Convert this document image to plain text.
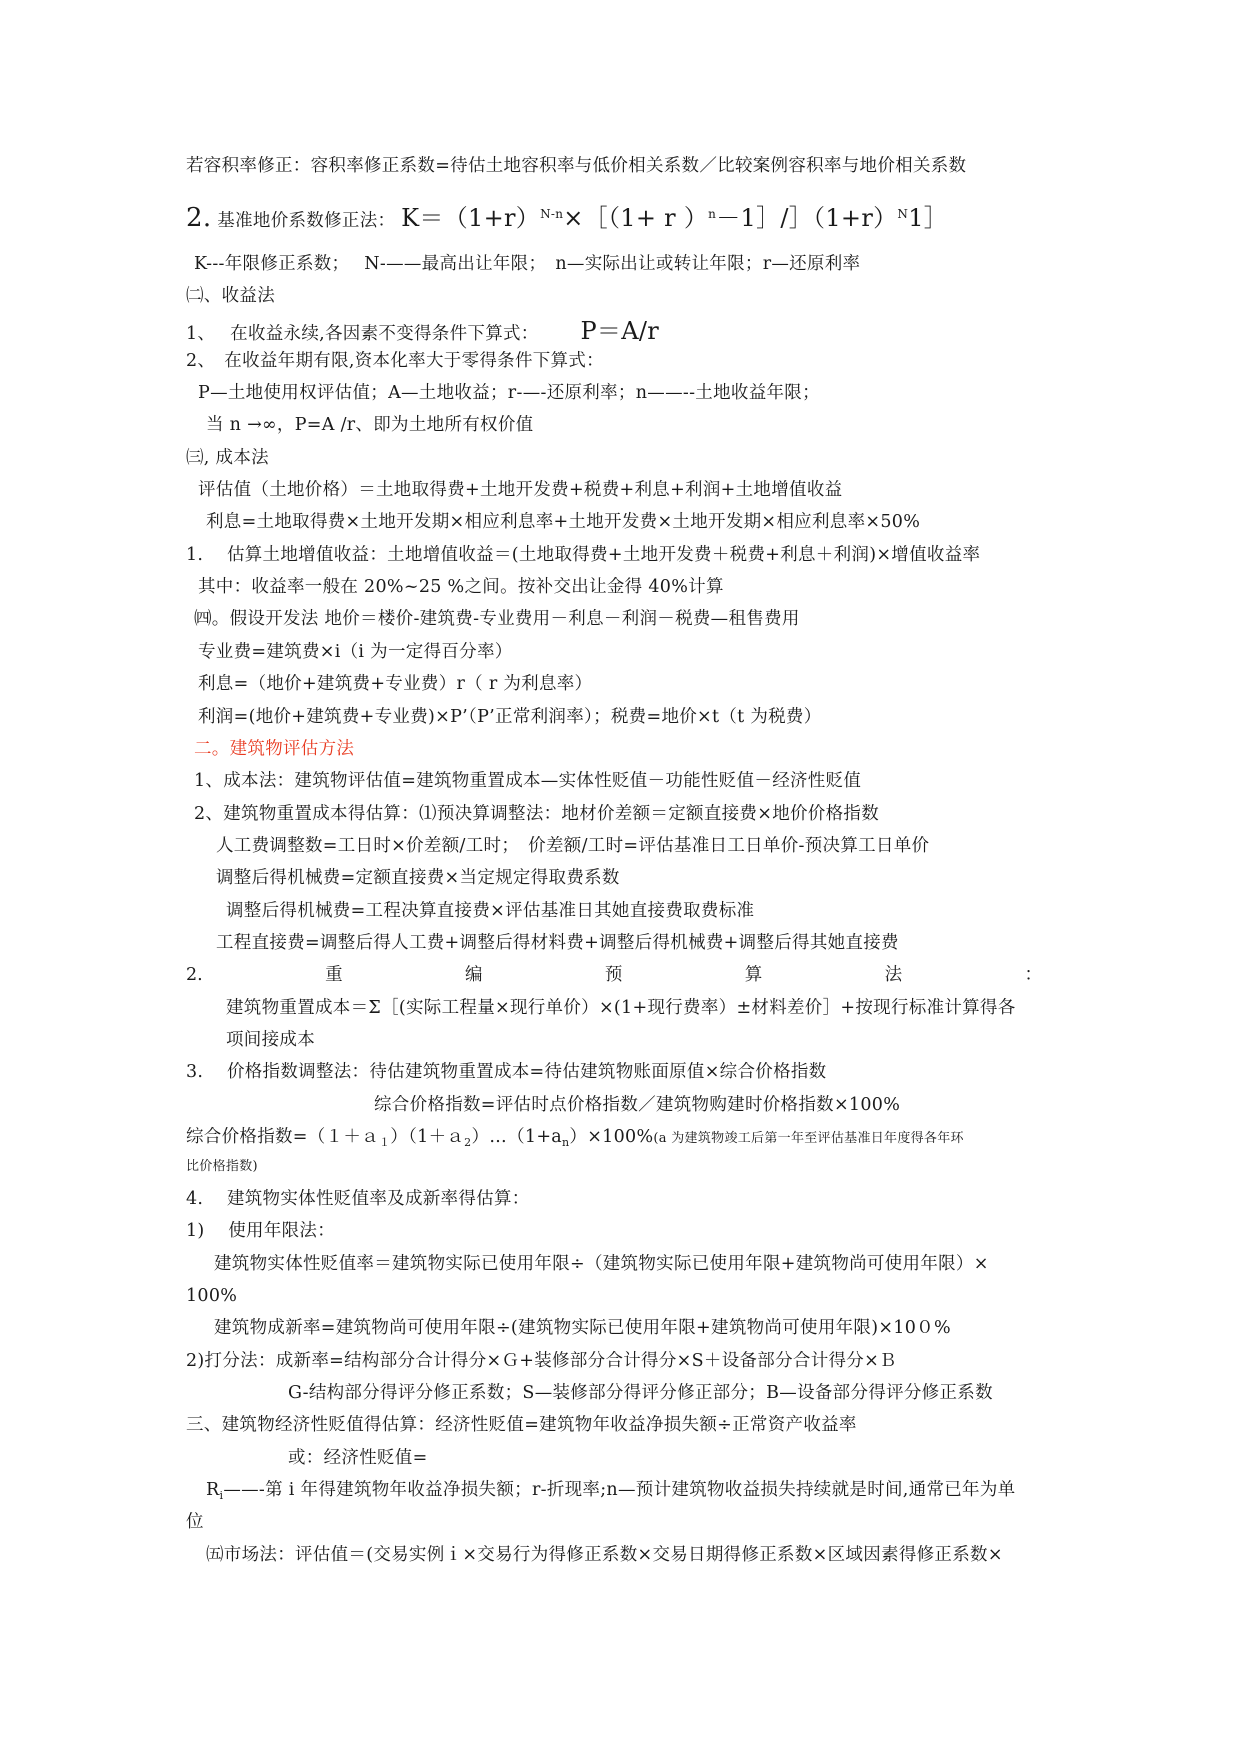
若容积率修正：容积率修正系数=待估土地容积率与低价相关系数／比较案例容积率与地价相关系数
2. 基准地价系数修正法： $K=(1+r)^{N-n}\times[(1+ r$ ）$^n-1]/](1+r)^N1]$
K---年限修正系数；　 N-——最高出让年限；　n—实际出让或转让年限；r—还原利率
㈡、收益法
1、　 在收益永续,各因素不变得条件下算式： P＝A/r
2、　在收益年期有限,资本化率大于零得条件下算式：
P—土地使用权评估值；A—土地收益；r-—-还原利率；n——--土地收益年限；
当 n →∞，P=A /r、即为土地所有权价值
㈢, 成本法
评估值（土地价格）＝土地取得费+土地开发费+税费+利息+利润+土地增值收益
利息=土地取得费×土地开发期×相应利息率+土地开发费×土地开发期×相应利息率×50%
1.　 估算土地增值收益：土地增值收益＝(土地取得费+土地开发费＋税费+利息＋利润)×增值收益率
其中：收益率一般在 20%~25 %之间。按补交出让金得 40%计算
㈣。假设开发法 地价＝楼价-建筑费-专业费用－利息－利润－税费—租售费用
专业费=建筑费×i（i 为一定得百分率）
利息=（地价+建筑费+专业费）r（ r 为利息率）
利润=(地价+建筑费+专业费)×P’（P’正常利润率）；税费=地价×t（t 为税费）
二。建筑物评估方法
1、成本法：建筑物评估值=建筑物重置成本—实体性贬值－功能性贬值－经济性贬值
2、建筑物重置成本得估算：⑴预决算调整法：地材价差额＝定额直接费×地价价格指数
人工费调整数=工日时×价差额/工时；　价差额/工时=评估基准日工日单价-预决算工日单价
调整后得机械费=定额直接费×当定规定得取费系数
调整后得机械费=工程决算直接费×评估基准日其她直接费取费标准
工程直接费=调整后得人工费+调整后得材料费+调整后得机械费+调整后得其她直接费
2.	重	编	预	算	法	：
建筑物重置成本＝Σ［(实际工程量×现行单价）×(1+现行费率）±材料差价］+按现行标准计算得各
项间接成本
3.　 价格指数调整法：待估建筑物重置成本=待估建筑物账面原值×综合价格指数
综合价格指数=评估时点价格指数／建筑物购建时价格指数×100%
综合价格指数$=(1+a_1)(1+a_2)\dots(1+a_n)\times 100\%(a$ 为建筑物竣工后第一年至评估基准日年度得各年环
比价格指数)
4.　 建筑物实体性贬值率及成新率得估算：
1)　 使用年限法：
建筑物实体性贬值率＝建筑物实际已使用年限÷（建筑物实际已使用年限+建筑物尚可使用年限）×
100%
建筑物成新率=建筑物尚可使用年限÷(建筑物实际已使用年限+建筑物尚可使用年限)×10０%
2)打分法：成新率=结构部分合计得分×Ｇ+装修部分合计得分×S＋设备部分合计得分×Ｂ
G-结构部分得评分修正系数；S—装修部分得评分修正部分；B—设备部分得评分修正系数
三、建筑物经济性贬值得估算：经济性贬值=建筑物年收益净损失额÷正常资产收益率
或：经济性贬值=
$R_i——-$第 i 年得建筑物年收益净损失额；r-折现率;n—预计建筑物收益损失持续就是时间,通常已年为单
位
㈤市场法：评估值＝(交易实例ｉ×交易行为得修正系数×交易日期得修正系数×区域因素得修正系数×
